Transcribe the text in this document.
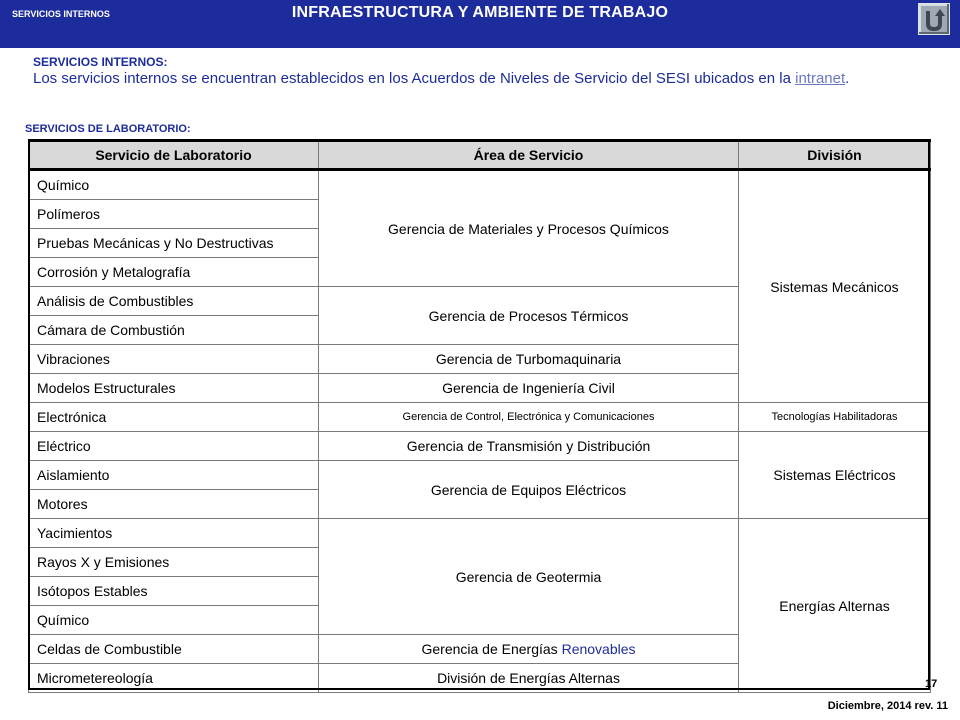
SERVICIOS INTERNOS	INFRAESTRUCTURA Y AMBIENTE DE TRABAJO
SERVICIOS INTERNOS:
Los servicios internos se encuentran establecidos en los Acuerdos de Niveles de Servicio del SESI ubicados en la intranet.
SERVICIOS DE LABORATORIO:
Servicio de Laboratorio	Área de Servicio	División
Químico	Gerencia de Materiales y Procesos Químicos	Sistemas Mecánicos
Polímeros		
Pruebas Mecánicas y No Destructivas		
Corrosión y Metalografía		
Análisis de Combustibles	Gerencia de Procesos Térmicos	
Cámara de Combustión		
Vibraciones	Gerencia de Turbomaquinaria	
Modelos Estructurales	Gerencia de Ingeniería Civil	
Electrónica	Gerencia de Control, Electrónica y Comunicaciones	Tecnologías Habilitadoras
Eléctrico	Gerencia de Transmisión y Distribución	Sistemas Eléctricos
Aislamiento	Gerencia de Equipos Eléctricos	
Motores		
Yacimientos	Gerencia de Geotermia	Energías Alternas
Rayos X y Emisiones		
Isótopos Estables		
Químico		
Celdas de Combustible	Gerencia de Energías Renovables	
Micrometereología	División de Energías Alternas		17
Diciembre, 2014 rev. 11
